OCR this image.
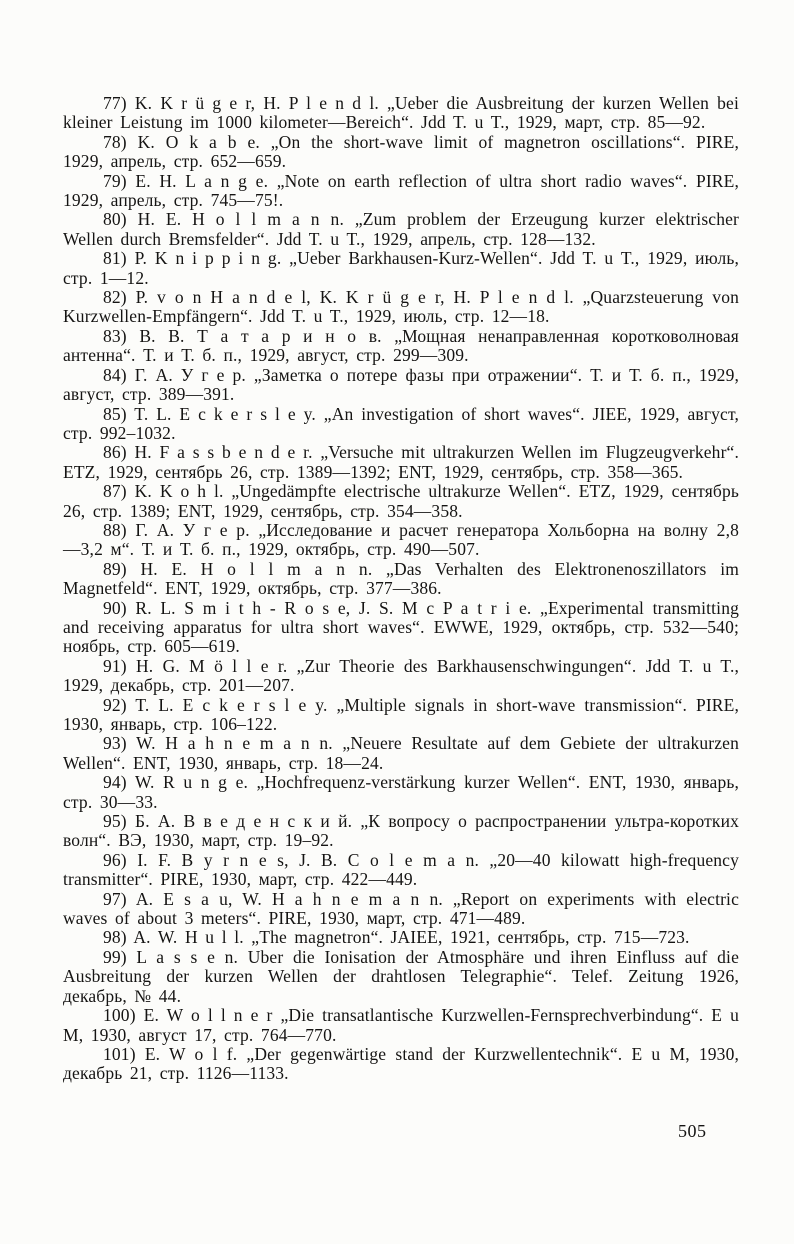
77) K. K r ü g e r, H. P l e n d l. „Ueber die Ausbreitung der kurzen Wellen bei kleiner Leistung im 1000 kilometer—Bereich“. Jdd T. u T., 1929, март, стр. 85—92.

78) K. O k a b e. „On the short-wave limit of magnetron oscillations“. PIRE, 1929, апрель, стр. 652—659.

79) E. H. L a n g e. „Note on earth reflection of ultra short radio waves“. PIRE, 1929, апрель, стр. 745—75!.

80) H. E. H o l l m a n n. „Zum problem der Erzeugung kurzer elektrischer Wellen durch Bremsfelder“. Jdd T. u T., 1929, апрель, стр. 128—132.

81) P. K n i p p i n g. „Ueber Barkhausen-Kurz-Wellen“. Jdd T. u T., 1929, июль, стр. 1—12.

82) P. v o n H a n d e l, K. K r ü g e r, H. P l e n d l. „Quarzsteuerung von Kurzwellen-Empfängern“. Jdd T. u T., 1929, июль, стр. 12—18.

83) В. В. Т а т а р и н о в. „Мощная ненаправленная коротковолновая антенна“. Т. и Т. б. п., 1929, август, стр. 299—309.

84) Г. А. У г е р. „Заметка о потере фазы при отражении“. Т. и Т. б. п., 1929, август, стр. 389—391.

85) T. L. E c k e r s l e y. „An investigation of short waves“. JIEE, 1929, август, стр. 992–1032.

86) H. F a s s b e n d e r. „Versuche mit ultrakurzen Wellen im Flugzeugverkehr“. ETZ, 1929, сентябрь 26, стр. 1389—1392; ENT, 1929, сентябрь, стр. 358—365.

87) K. K o h l. „Ungedämpfte electrische ultrakurze Wellen“. ETZ, 1929, сентябрь 26, стр. 1389; ENT, 1929, сентябрь, стр. 354—358.

88) Г. А. У г е р. „Исследование и расчет генератора Хольборна на волну 2,8—3,2 м“. Т. и Т. б. п., 1929, октябрь, стр. 490—507.

89) H. E. H o l l m a n n. „Das Verhalten des Elektronenoszillators im Magnetfeld“. ENT, 1929, октябрь, стр. 377—386.

90) R. L. S m i t h - R o s e, J. S. M c P a t r i e. „Experimental transmitting and receiving apparatus for ultra short waves“. EWWE, 1929, октябрь, стр. 532—540; ноябрь, стр. 605—619.

91) H. G. M ö l l e r. „Zur Theorie des Barkhausenschwingungen“. Jdd T. u T., 1929, декабрь, стр. 201—207.

92) T. L. E c k e r s l e y. „Multiple signals in short-wave transmission“. PIRE, 1930, январь, стр. 106–122.

93) W. H a h n e m a n n. „Neuere Resultate auf dem Gebiete der ultrakurzen Wellen“. ENT, 1930, январь, стр. 18—24.

94) W. R u n g e. „Hochfrequenz-verstärkung kurzer Wellen“. ENT, 1930, январь, стр. 30—33.

95) Б. А. В в е д е н с к и й. „К вопросу о распространении ультра-коротких волн“. ВЭ, 1930, март, стр. 19–92.

96) I. F. B y r n e s, J. B. C o l e m a n. „20—40 kilowatt high-frequency transmitter“. PIRE, 1930, март, стр. 422—449.

97) A. E s a u, W. H a h n e m a n n. „Report on experiments with electric waves of about 3 meters“. PIRE, 1930, март, стр. 471—489.

98) A. W. H u l l. „The magnetron“. JAIEE, 1921, сентябрь, стр. 715—723.

99) L a s s e n. Uber die Ionisation der Atmosphäre und ihren Einfluss auf die Ausbreitung der kurzen Wellen der drahtlosen Telegraphie“. Telef. Zeitung 1926, декабрь, № 44.

100) E. W o l l n e r „Die transatlantische Kurzwellen-Fernsprechverbindung“. E u M, 1930, август 17, стр. 764—770.

101) E. W o l f. „Der gegenwärtige stand der Kurzwellentechnik“. E u M, 1930, декабрь 21, стр. 1126—1133.

505
